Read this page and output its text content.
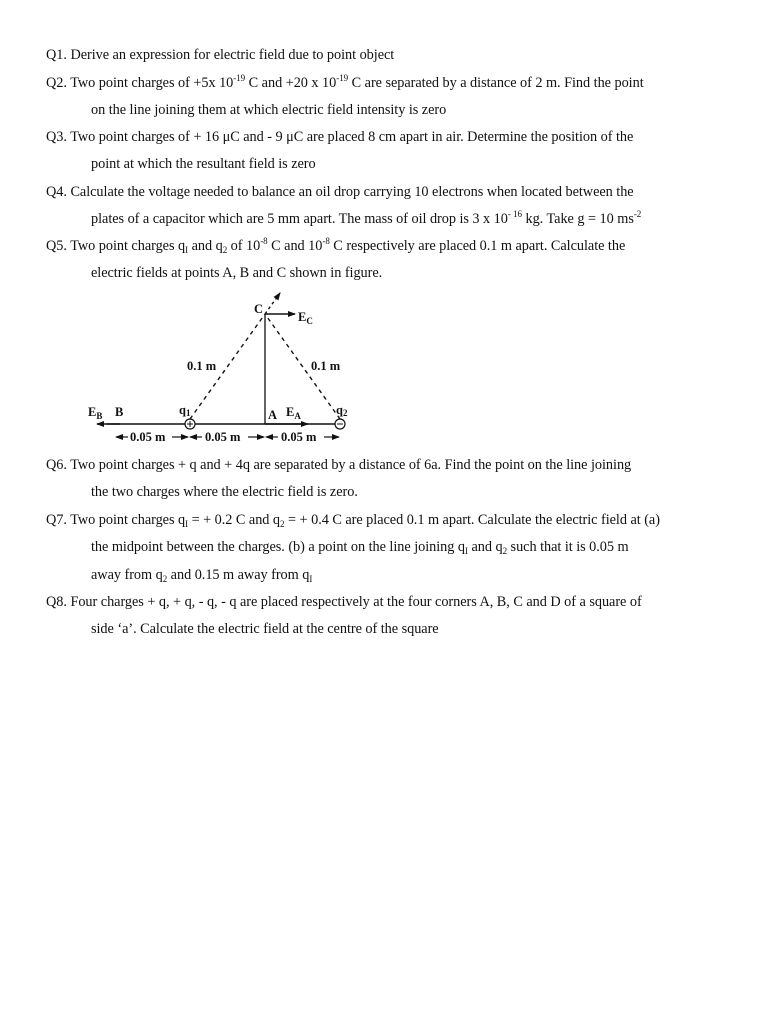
Q1. Derive an expression for electric field due to point object
Q2. Two point charges of +5x $10^{-19}$ C and +20 x $10^{-19}$ C are separated by a distance of 2 m. Find the point
on the line joining them at which electric field intensity is zero
Q3. Two point charges of + 16 μC and - 9 μC are placed 8 cm apart in air. Determine the position of the
point at which the resultant field is zero
Q4. Calculate the voltage needed to balance an oil drop carrying 10 electrons when located between the
plates of a capacitor which are 5 mm apart. The mass of oil drop is 3 x $10^{- 16}$ kg. Take g = 10 $ms^{-2}$
Q5. Two point charges $q_I$ and $q_2$ of $10^{-8}$ C and $10^{-8}$ C respectively are placed 0.1 m apart. Calculate the
electric fields at points A, B and C shown in figure.
C
$E_C$
0.1 m	0.1 m
$E_B$ B	q1	A $E_A$	q2
0.05 m	0.05 m	0.05 m
Q6. Two point charges + q and + 4q are separated by a distance of 6a. Find the point on the line joining
the two charges where the electric field is zero.
Q7. Two point charges $q_I$ = + 0.2 C and $q_2$ = + 0.4 C are placed 0.1 m apart. Calculate the electric field at (a)
the midpoint between the charges. (b) a point on the line joining $q_I$ and $q_2$ such that it is 0.05 m
away from $q_2$ and 0.15 m away from $q_I$
Q8. Four charges + q, + q, - q, - q are placed respectively at the four corners A, B, C and D of a square of
side ‘a’. Calculate the electric field at the centre of the square
